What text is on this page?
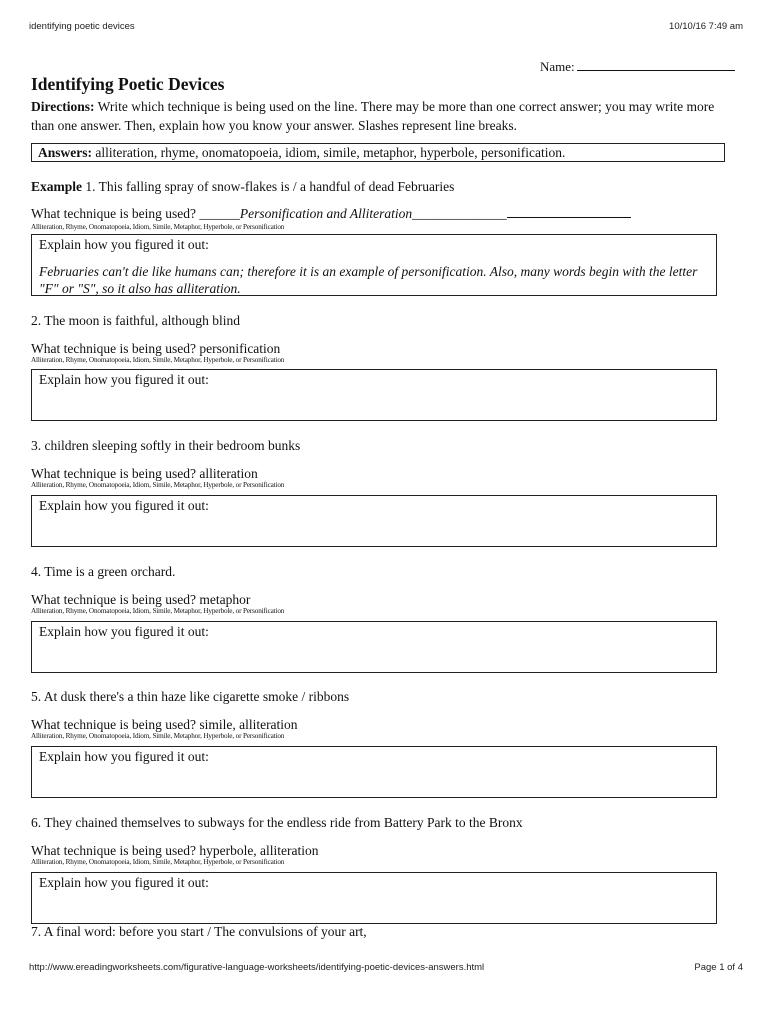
identifying poetic devices	10/10/16 7:49 am
Name:
Identifying Poetic Devices
Directions: Write which technique is being used on the line. There may be more than one correct answer; you may write more than one answer. Then, explain how you know your answer. Slashes represent line breaks.
Answers: alliteration, rhyme, onomatopoeia, idiom, simile, metaphor, hyperbole, personification.
Example 1. This falling spray of snow-flakes is / a handful of dead Februaries
What technique is being used? ______Personification and Alliteration______________
Alliteration, Rhyme, Onomatopoeia, Idiom, Simile, Metaphor, Hyperbole, or Personification
Explain how you figured it out:
Februaries can't die like humans can; therefore it is an example of personification. Also, many words begin with the letter "F" or "S", so it also has alliteration.
2. The moon is faithful, although blind
What technique is being used? personification
Alliteration, Rhyme, Onomatopoeia, Idiom, Simile, Metaphor, Hyperbole, or Personification
Explain how you figured it out:
3. children sleeping softly in their bedroom bunks
What technique is being used? alliteration
Alliteration, Rhyme, Onomatopoeia, Idiom, Simile, Metaphor, Hyperbole, or Personification
Explain how you figured it out:
4. Time is a green orchard.
What technique is being used? metaphor
Alliteration, Rhyme, Onomatopoeia, Idiom, Simile, Metaphor, Hyperbole, or Personification
Explain how you figured it out:
5. At dusk there's a thin haze like cigarette smoke / ribbons
What technique is being used? simile, alliteration
Alliteration, Rhyme, Onomatopoeia, Idiom, Simile, Metaphor, Hyperbole, or Personification
Explain how you figured it out:
6. They chained themselves to subways for the endless ride from Battery Park to the Bronx
What technique is being used? hyperbole, alliteration
Alliteration, Rhyme, Onomatopoeia, Idiom, Simile, Metaphor, Hyperbole, or Personification
Explain how you figured it out:
7. A final word: before you start / The convulsions of your art,
http://www.ereadingworksheets.com/figurative-language-worksheets/identifying-poetic-devices-answers.html	Page 1 of 4
